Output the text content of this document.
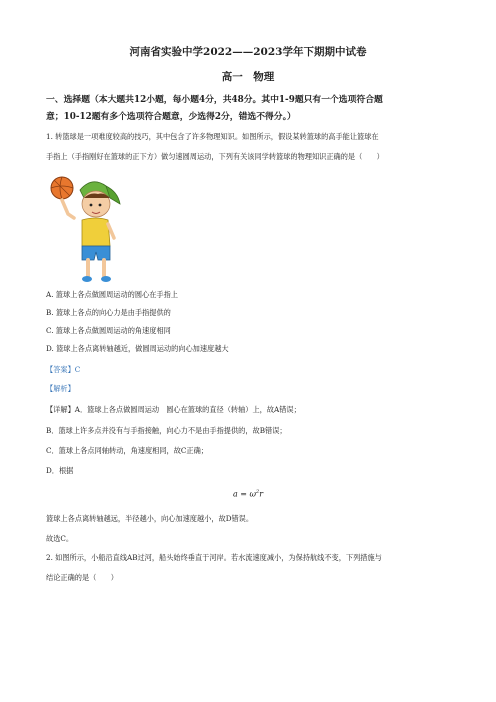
河南省实验中学2022——2023学年下期期中试卷
高一　物理
一、选择题（本大题共12小题，每小题4分，共48分。其中1-9题只有一个选项符合题
意；10-12题有多个选项符合题意，少选得2分，错选不得分。）
1. 转篮球是一项难度较高的技巧，其中包含了许多物理知识。如图所示，假设某转篮球的高手能让篮球在
手指上（手指刚好在篮球的正下方）做匀速圆周运动，下列有关该同学转篮球的物理知识正确的是（　　）
A. 篮球上各点做圆周运动的圆心在手指上
B. 篮球上各点的向心力是由手指提供的
C. 篮球上各点做圆周运动的角速度相同
D. 篮球上各点离转轴越近，做圆周运动的向心加速度越大
【答案】C
【解析】
【详解】A．篮球上各点做圆周运动　圆心在篮球的直径（转轴）上，故A错误；
B．篮球上许多点并没有与手指接触，向心力不是由手指提供的，故B错误；
C．篮球上各点同轴转动，角速度相同，故C正确；
D．根据
$a = \omega^2r$
篮球上各点离转轴越远，半径越小，向心加速度越小，故D错误。
故选C。
2. 如图所示，小船沿直线AB过河，船头始终垂直于河岸。若水流速度减小，为保持航线不变，下列措施与
结论正确的是（　　）
